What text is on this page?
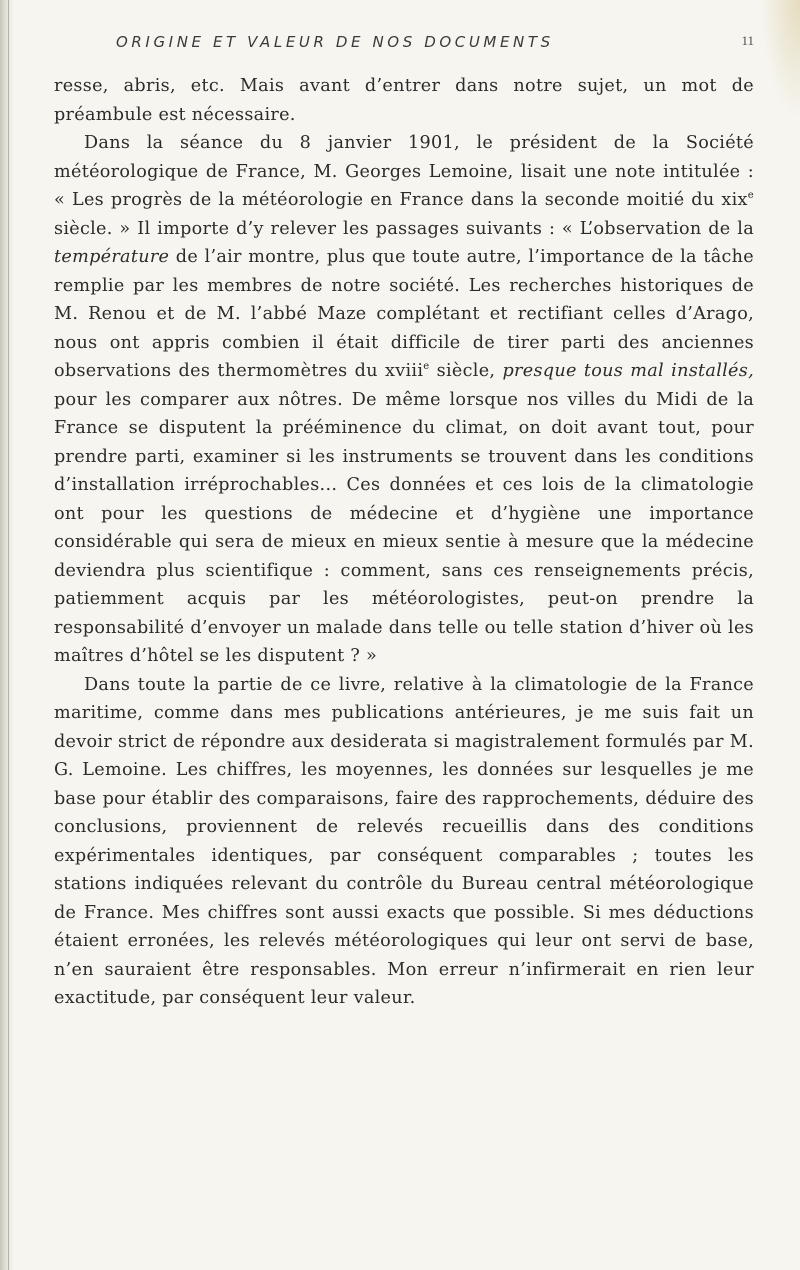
ORIGINE ET VALEUR DE NOS DOCUMENTS	11

resse, abris, etc. Mais avant d’entrer dans notre sujet, un mot de préambule est nécessaire.

Dans la séance du 8 janvier 1901, le président de la Société météorologique de France, M. Georges Lemoine, lisait une note intitulée : « Les progrès de la météorologie en France dans la seconde moitié du xix$^e$ siècle. » Il importe d’y relever les passages suivants : « L’observation de la température de l’air montre, plus que toute autre, l’importance de la tâche remplie par les membres de notre société. Les recherches historiques de M. Renou et de M. l’abbé Maze complétant et rectifiant celles d’Arago, nous ont appris combien il était difficile de tirer parti des anciennes observations des thermomètres du xviii$^e$ siècle, presque tous mal installés, pour les comparer aux nôtres. De même lorsque nos villes du Midi de la France se disputent la prééminence du climat, on doit avant tout, pour prendre parti, examiner si les instruments se trouvent dans les conditions d’installation irréprochables... Ces données et ces lois de la climatologie ont pour les questions de médecine et d’hygiène une importance considérable qui sera de mieux en mieux sentie à mesure que la médecine deviendra plus scientifique : comment, sans ces renseignements précis, patiemment acquis par les météorologistes, peut-on prendre la responsabilité d’envoyer un malade dans telle ou telle station d’hiver où les maîtres d’hôtel se les disputent ? »

Dans toute la partie de ce livre, relative à la climatologie de la France maritime, comme dans mes publications antérieures, je me suis fait un devoir strict de répondre aux desiderata si magistralement formulés par M. G. Lemoine. Les chiffres, les moyennes, les données sur lesquelles je me base pour établir des comparaisons, faire des rapprochements, déduire des conclusions, proviennent de relevés recueillis dans des conditions expérimentales identiques, par conséquent comparables ; toutes les stations indiquées relevant du contrôle du Bureau central météorologique de France. Mes chiffres sont aussi exacts que possible. Si mes déductions étaient erronées, les relevés météorologiques qui leur ont servi de base, n’en sauraient être responsables. Mon erreur n’infirmerait en rien leur exactitude, par conséquent leur valeur.
